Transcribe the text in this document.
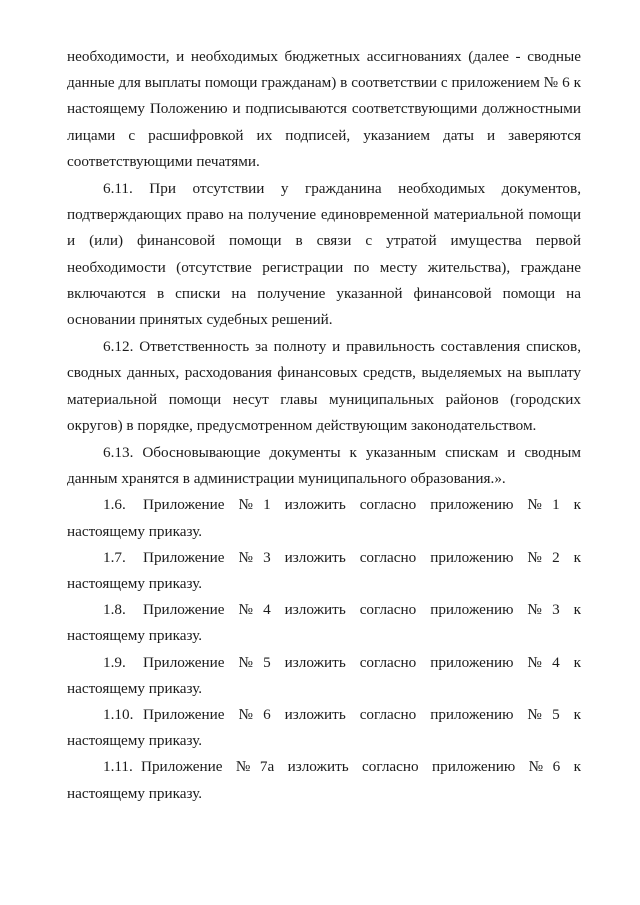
необходимости, и необходимых бюджетных ассигнованиях (далее - сводные данные для выплаты помощи гражданам) в соответствии с приложением № 6 к настоящему Положению и подписываются соответствующими должностными лицами с расшифровкой их подписей, указанием даты и заверяются соответствующими печатями.

6.11. При отсутствии у гражданина необходимых документов, подтверждающих право на получение единовременной материальной помощи и (или) финансовой помощи в связи с утратой имущества первой необходимости (отсутствие регистрации по месту жительства), граждане включаются в списки на получение указанной финансовой помощи на основании принятых судебных решений.

6.12. Ответственность за полноту и правильность составления списков, сводных данных, расходования финансовых средств, выделяемых на выплату материальной помощи несут главы муниципальных районов (городских округов) в порядке, предусмотренном действующим законодательством.

6.13. Обосновывающие документы к указанным спискам и сводным данным хранятся в администрации муниципального образования.».

1.6. Приложение №1 изложить согласно приложению №1 к настоящему приказу.

1.7. Приложение №3 изложить согласно приложению №2 к настоящему приказу.

1.8. Приложение №4 изложить согласно приложению №3 к настоящему приказу.

1.9. Приложение №5 изложить согласно приложению №4 к настоящему приказу.

1.10. Приложение №6 изложить согласно приложению №5 к настоящему приказу.

1.11. Приложение №7а изложить согласно приложению №6 к настоящему приказу.
